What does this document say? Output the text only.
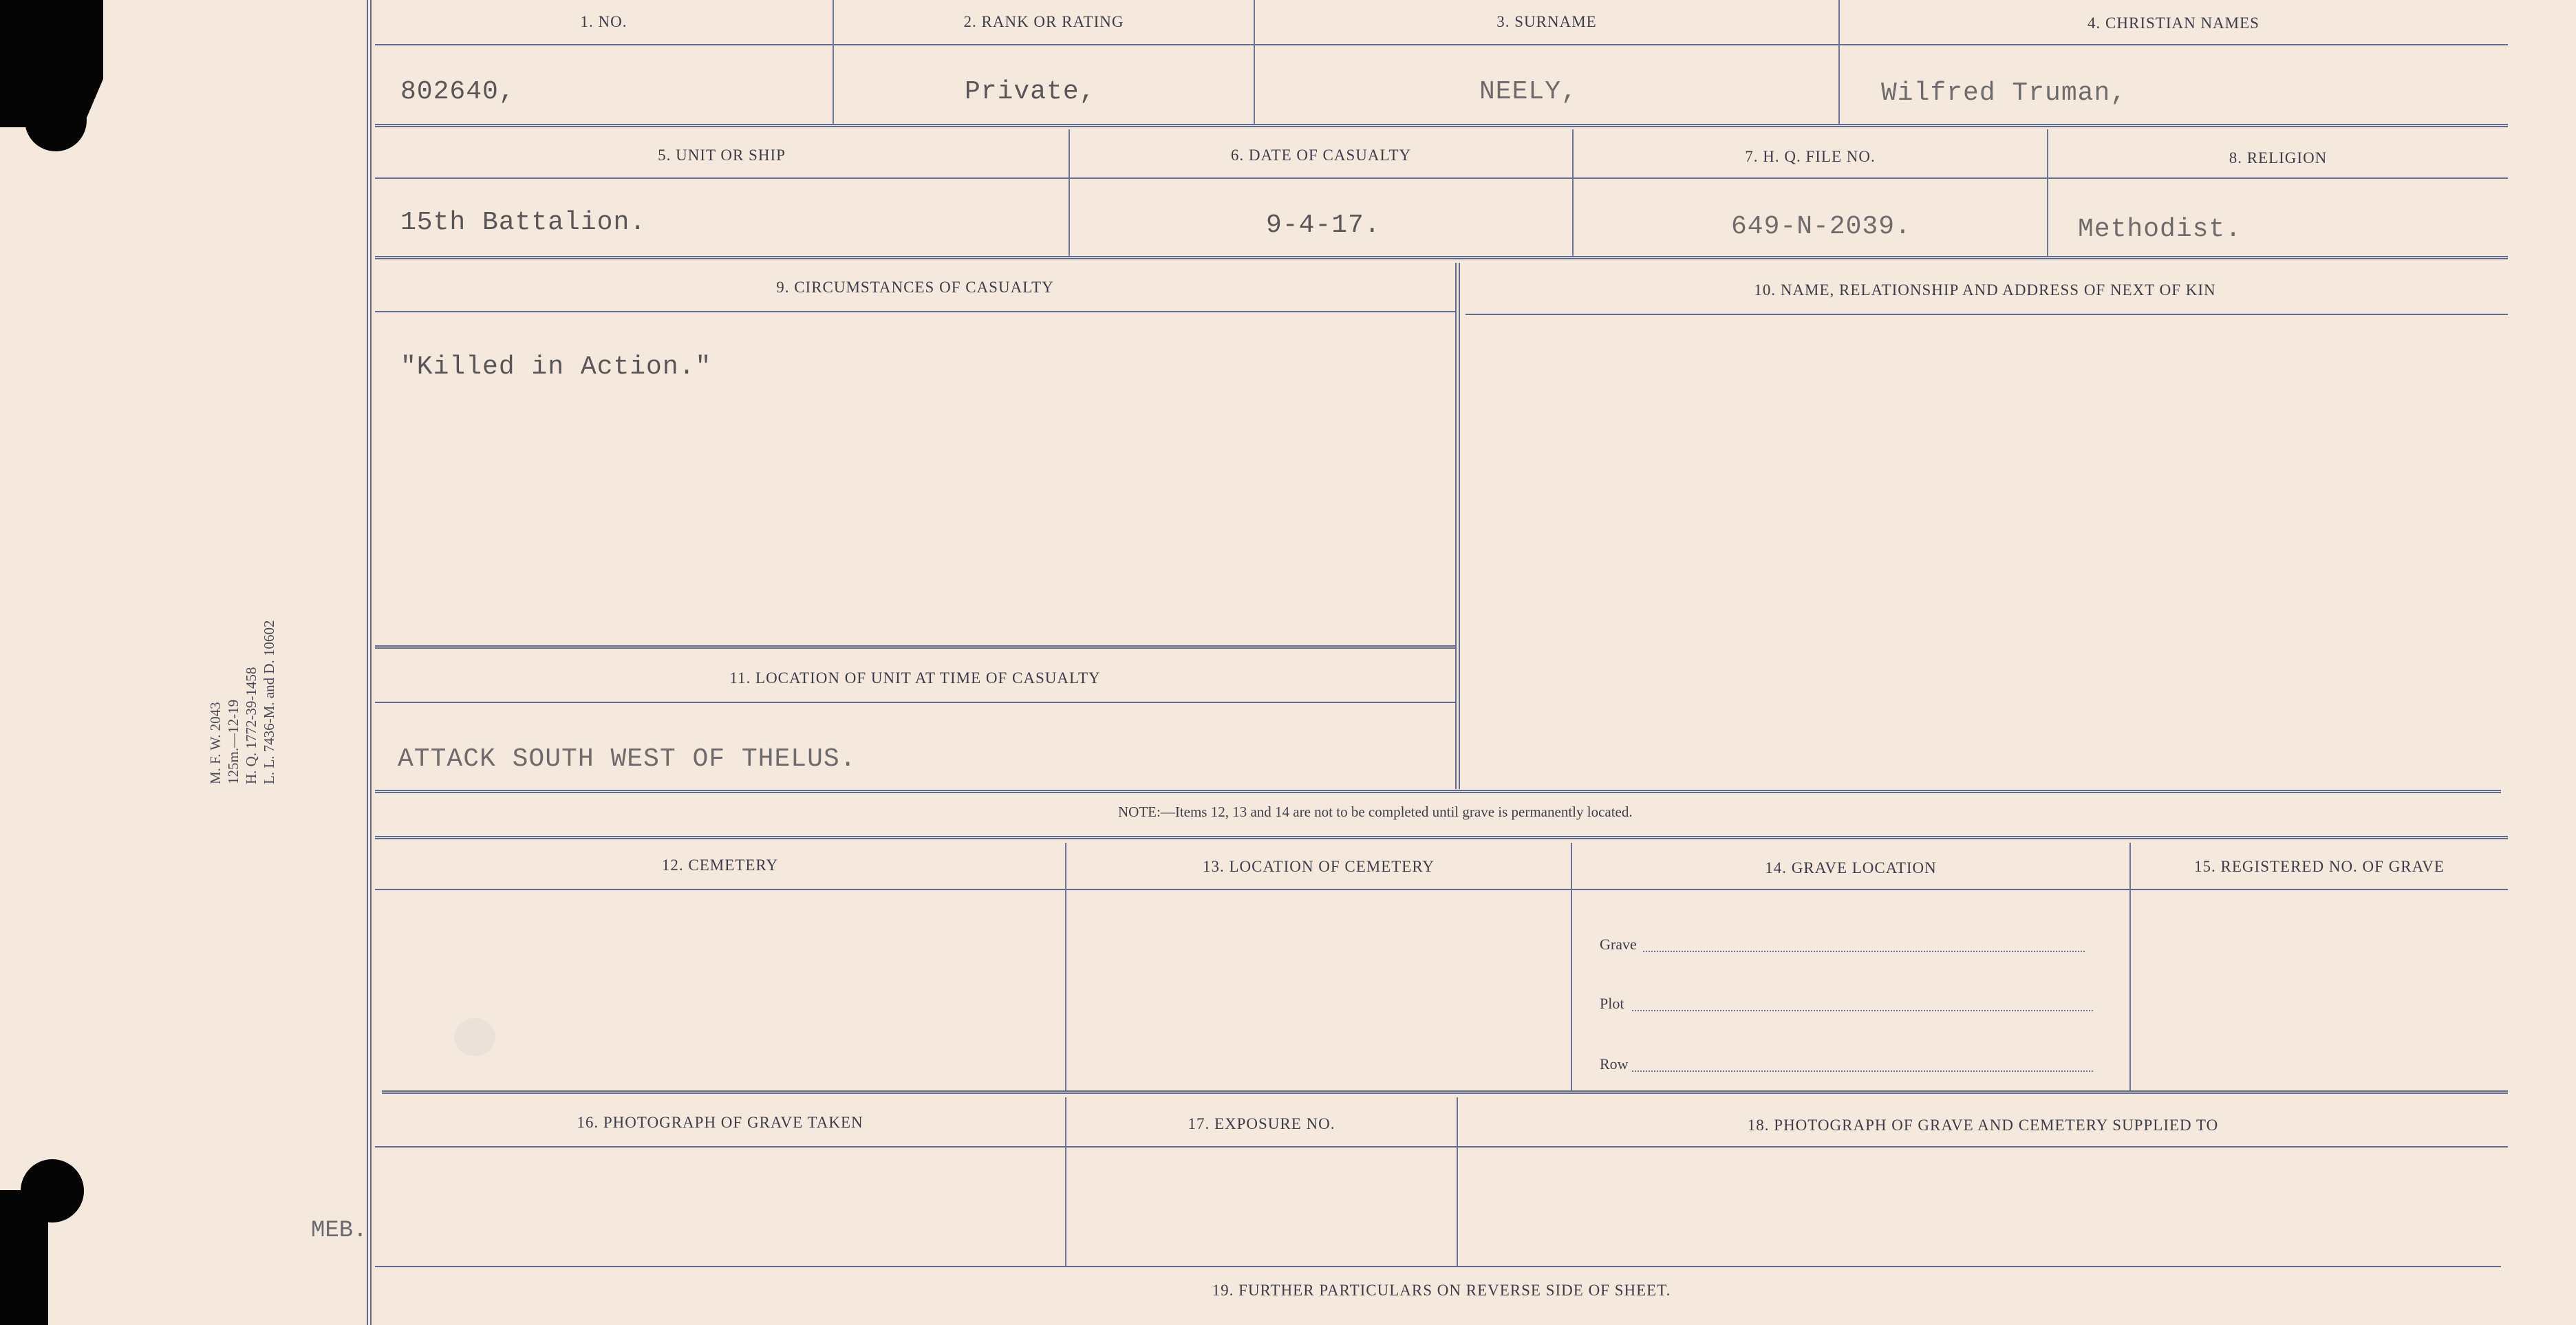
M. F. W. 2043 125m.—12-19 H. Q. 1772-39-1458 L. L. 7436-M. and D. 10602
1. NO.	2. RANK OR RATING	3. SURNAME	4. CHRISTIAN NAMES
802640,	Private,	NEELY,	Wilfred Truman,
5. UNIT OR SHIP	6. DATE OF CASUALTY	7. H. Q. FILE NO.	8. RELIGION
15th Battalion.	9-4-17.	649-N-2039.	Methodist.
9. CIRCUMSTANCES OF CASUALTY	10. NAME, RELATIONSHIP AND ADDRESS OF NEXT OF KIN
"Killed in Action."
11. LOCATION OF UNIT AT TIME OF CASUALTY
ATTACK SOUTH WEST OF THELUS.
NOTE:—Items 12, 13 and 14 are not to be completed until grave is permanently located.
12. CEMETERY	13. LOCATION OF CEMETERY	14. GRAVE LOCATION	15. REGISTERED NO. OF GRAVE
Grave
Plot
Row
16. PHOTOGRAPH OF GRAVE TAKEN	17. EXPOSURE NO.	18. PHOTOGRAPH OF GRAVE AND CEMETERY SUPPLIED TO
MEB.
19. FURTHER PARTICULARS ON REVERSE SIDE OF SHEET.
